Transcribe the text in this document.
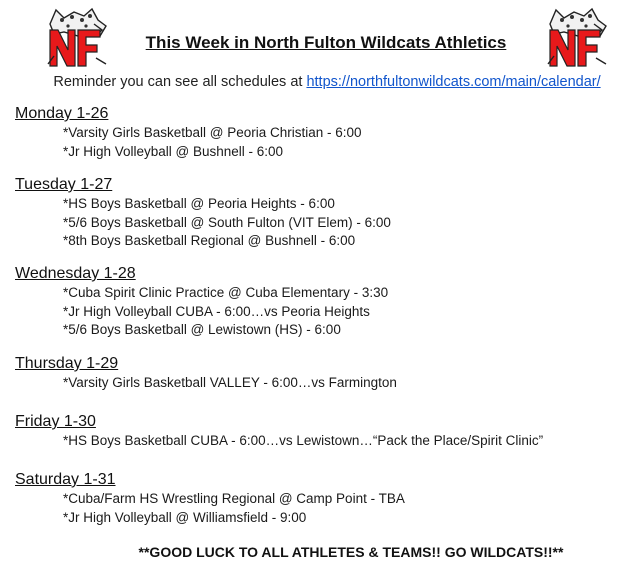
This Week in North Fulton Wildcats Athletics
Reminder you can see all schedules at https://northfultonwildcats.com/main/calendar/
Monday 1-26
*Varsity Girls Basketball @ Peoria Christian - 6:00
*Jr High Volleyball @ Bushnell - 6:00
Tuesday 1-27
*HS Boys Basketball @ Peoria Heights - 6:00
*5/6 Boys Basketball @ South Fulton (VIT Elem) - 6:00
*8th Boys Basketball Regional @ Bushnell - 6:00
Wednesday 1-28
*Cuba Spirit Clinic Practice @ Cuba Elementary - 3:30
*Jr High Volleyball CUBA - 6:00…vs Peoria Heights
*5/6 Boys Basketball @ Lewistown (HS) - 6:00
Thursday 1-29
*Varsity Girls Basketball VALLEY - 6:00…vs Farmington
Friday 1-30
*HS Boys Basketball CUBA - 6:00…vs Lewistown…“Pack the Place/Spirit Clinic”
Saturday 1-31
*Cuba/Farm HS Wrestling Regional @ Camp Point - TBA
*Jr High Volleyball @ Williamsfield - 9:00
**GOOD LUCK TO ALL ATHLETES & TEAMS!! GO WILDCATS!!**
